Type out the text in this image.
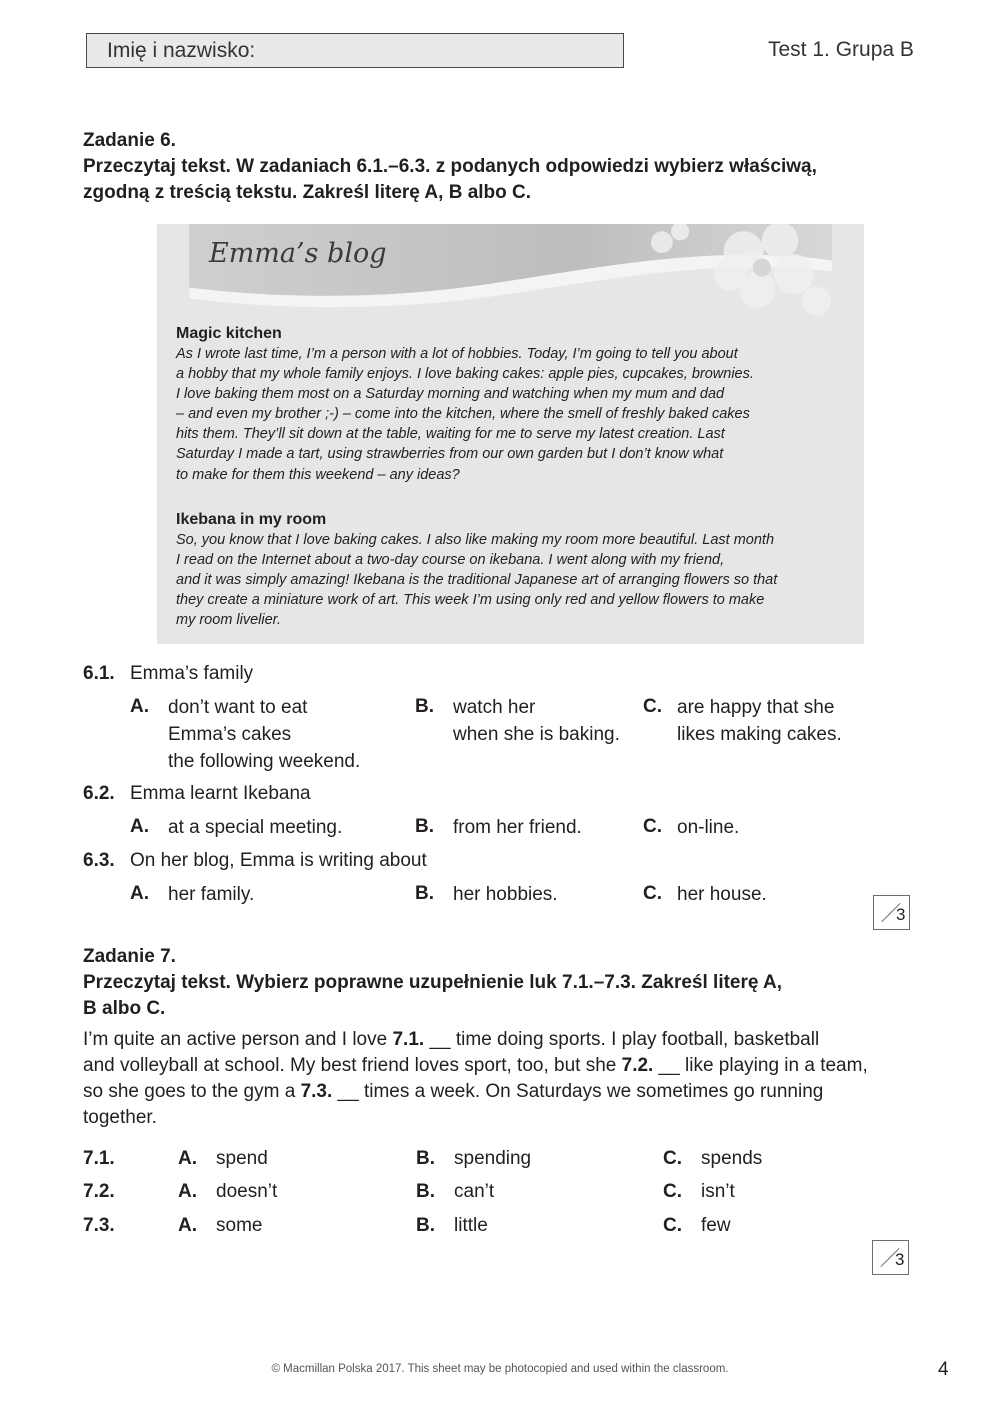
Imię i nazwisko:	Test 1. Grupa B
Zadanie 6.
Przeczytaj tekst. W zadaniach 6.1.–6.3. z podanych odpowiedzi wybierz właściwą,
zgodną z treścią tekstu. Zakreśl literę A, B albo C.
Emma’s blog
Magic kitchen
As I wrote last time, I’m a person with a lot of hobbies. Today, I’m going to tell you about
a hobby that my whole family enjoys. I love baking cakes: apple pies, cupcakes, brownies.
I love baking them most on a Saturday morning and watching when my mum and dad
– and even my brother ;-) – come into the kitchen, where the smell of freshly baked cakes
hits them. They’ll sit down at the table, waiting for me to serve my latest creation. Last
Saturday I made a tart, using strawberries from our own garden but I don’t know what
to make for them this weekend – any ideas?
Ikebana in my room
So, you know that I love baking cakes. I also like making my room more beautiful. Last month
I read on the Internet about a two-day course on ikebana. I went along with my friend,
and it was simply amazing! Ikebana is the traditional Japanese art of arranging flowers so that
they create a miniature work of art. This week I’m using only red and yellow flowers to make
my room livelier.
6.1. Emma’s family
A. don’t want to eat
Emma’s cakes
the following weekend.
B. watch her
when she is baking.
C. are happy that she
likes making cakes.
6.2. Emma learnt Ikebana
A. at a special meeting.	B. from her friend.	C. on-line.
6.3. On her blog, Emma is writing about
A. her family.	B. her hobbies.	C. her house.
3
Zadanie 7.
Przeczytaj tekst. Wybierz poprawne uzupełnienie luk 7.1.–7.3. Zakreśl literę A,
B albo C.
I’m quite an active person and I love 7.1. __ time doing sports. I play football, basketball
and volleyball at school. My best friend loves sport, too, but she 7.2. __ like playing in a team,
so she goes to the gym a 7.3. __ times a week. On Saturdays we sometimes go running
together.
7.1.	A. spend	B. spending	C. spends
7.2.	A. doesn’t	B. can’t	C. isn’t
7.3.	A. some	B. little	C. few
3
© Macmillan Polska 2017. This sheet may be photocopied and used within the classroom.	4
